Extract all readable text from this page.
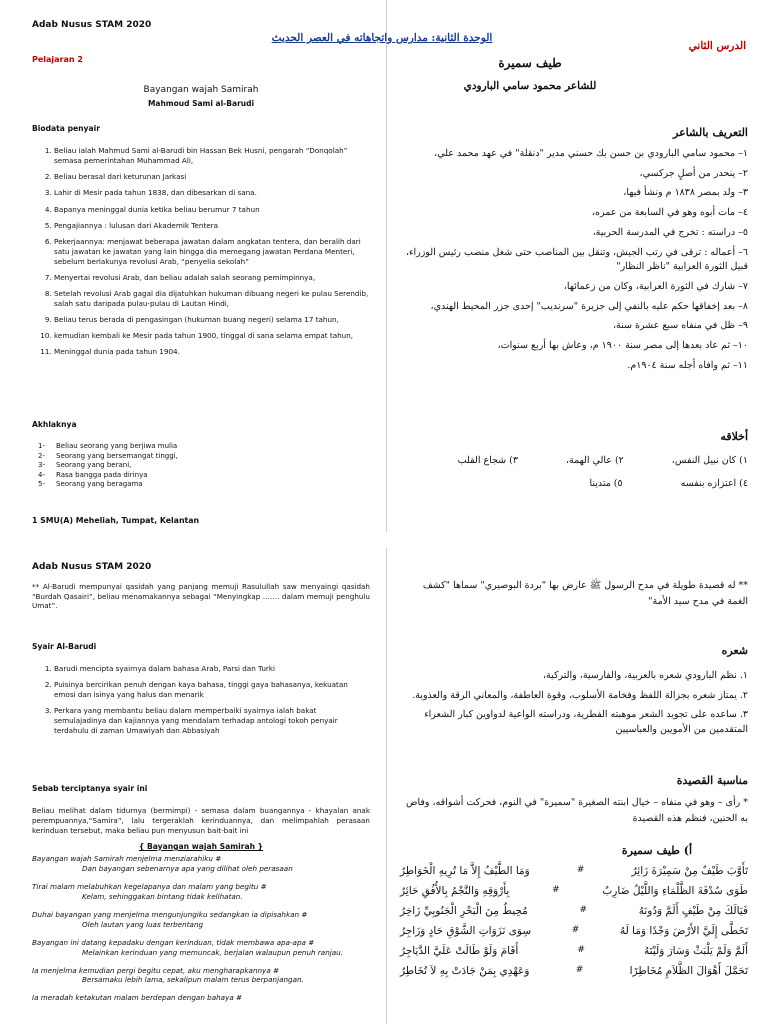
Adab Nusus STAM 2020
الوحدة الثانية: مدارس واتجاهاته في العصر الحديث
الدرس الثاني
Pelajaran 2
Bayangan wajah Samirah
Mahmoud Sami al-Barudi
طيف سميرة
للشاعر محمود سامي البارودي
Biodata penyair
1. Beliau ialah Mahmud Sami al-Barudi bin Hassan Bek Husni, pengarah “Donqolah” semasa pemerintahan Muhammad Ali,
2. Beliau berasal dari keturunan Jarkasi
3. Lahir di Mesir pada tahun 1838, dan dibesarkan di sana.
4. Bapanya meninggal dunia ketika beliau berumur 7 tahun
5. Pengajiannya : lulusan dari Akademik Tentera
6. Pekerjaannya: menjawat beberapa jawatan dalam angkatan tentera, dan beralih dari satu jawatan ke jawatan yang lain hingga dia memegang jawatan Perdana Menteri, sebelum berlakunya revolusi Arab, “penyelia sekolah”
7. Menyertai revolusi Arab, dan beliau adalah salah seorang pemimpinnya,
8. Setelah revolusi Arab gagal dia dijatuhkan hukuman dibuang negeri ke pulau Serendib, salah satu daripada pulau-pulau di Lautan Hindi,
9. Beliau terus berada di pengasingan (hukuman buang negeri) selama 17 tahun,
10. kemudian kembali ke Mesir pada tahun 1900, tinggal di sana selama empat tahun,
11. Meninggal dunia pada tahun 1904.
Akhlaknya
1-Beliau seorang yang berjiwa mulia
2-Seorang yang bersemangat tinggi,
3-Seorang yang berani,
4-Rasa bangga pada dirinya
5-Seorang yang beragama
1 SMU(A) Meheliah, Tumpat, Kelantan
التعريف بالشاعر
١– محمود سامي البارودي بن حسن بك حسني مدير "دنقلة" في عهد محمد علي،
٢– ينحدر من أصلٍ جركسي،
٣– ولد بمصر ١٨٣٨ م ونشأ فيها،
٤– مات أبوه وهو في السابعة من عمره،
٥– دراسته : تخرج في المدرسة الحربية،
٦– أعماله : ترقى في رتب الجيش، وتنقل بين المناصب حتى شغل منصب رئيس الوزراء، قبيل الثورة العرابية "ناظر النظار"
٧– شارك في الثورة العرابية، وكان من زعمائها،
٨– بعد إخفاقها حكم عليه بالنفي إلى جزيرة "سرنديب" إحدى جزر المحيط الهندي،
٩– ظل في منفاه سبع عشرة سنة،
١٠– ثم عاد بعدها إلى مصر سنة ١٩٠٠ م، وعاش بها أربع سنوات،
١١– ثم وافاه أجله سنة ١٩٠٤م.
أخلاقه
١) كان نبيل النفس،
٢) عالي الهمة،
٣) شجاع القلب
٤) اعتزازه بنفسه
٥) متدينا
Adab Nusus STAM 2020
** Al-Barudi mempunyai qasidah yang panjang memuji Rasulullah saw menyaingi qasidah “Burdah Qasairi”, beliau menamakannya sebagai “Menyingkap ……. dalam memuji penghulu Umat”.
Syair Al-Barudi
1. Barudi mencipta syairnya dalam bahasa Arab, Parsi dan Turki
2. Puisinya bercirikan penuh dengan kaya bahasa, tinggi gaya bahasanya, kekuatan emosi dan isinya yang halus dan menarik
3. Perkara yang membantu beliau dalam memperbaiki syairnya ialah bakat semulajadinya dan kajiannya yang mendalam terhadap antologi tokoh penyair terdahulu di zaman Umawiyah dan Abbasiyah
Sebab terciptanya syair ini
Beliau melihat dalam tidurnya (bermimpi) - semasa dalam buangannya - khayalan anak perempuannya,“Samira”, lalu tergeraklah kerinduannya, dan melimpahlah perasaan kerinduan tersebut, maka beliau pun menyusun bait-bait ini
{ Bayangan wajah Samirah }
Bayangan wajah Samirah menjelma menziarahiku #
Dan bayangan sebenarnya apa yang dilihat oleh perasaan
Tirai malam melabuhkan kegelapanya dan malam yang begitu #
Kelam, sehinggakan bintang tidak kelihatan.
Duhai bayangan yang menjelma mengunjungiku sedangkan ia dipisahkan #
Oleh lautan yang luas terbentang
Bayangan ini datang kepadaku dengan kerinduan, tidak membawa apa-apa #
Melainkan kerinduan yang memuncak, berjalan walaupun penuh ranjau.
Ia menjelma kemudian pergi begitu cepat, aku mengharapkannya #
Bersamaku lebih lama, sekalipun malam terus berpanjangan.
Ia meradah ketakutan malam berdepan dengan bahaya #
** له قصيدة طويلة في مدح الرسول ﷺ عارض بها "بردة البوصيري" سماها "كشف الغمة في مدح سيد الأمة"
شعره
١. نظم البارودي شعره بالعربية، والفارسية، والتركية،
٢. يمتاز شعره بجزالة اللفظ وفخامة الأسلوب، وقوة العاطفة، والمعاني الرقة والعذوبة.
٣. ساعده على تجويد الشعر موهبته الفطرية، ودراسته الواعية لدواوين كبار الشعراء المتقدمين من الأمويين والعباسيين
مناسبة القصيدة
* رأى – وهو في منفاه – خيال ابنته الصغيرة "سميرة" في النوم، فحركت أشواقه، وفاض به الحنين، فنظم هذه القصيدة
أ) طيف سميرة
تَأَوَّبَ طَيْفٌ مِنْ سَمِيْرَةَ زَائِرُ
#
وَمَا الطَّيْفُ إِلاَّ مَا تُرِيهِ الْخَوَاطِرُ
طَوَى سُدْفَةَ الظَّلْمَاءِ وَاللَّيْلُ ضَارِبٌ
#
بِأَرْوَقِهِ وَالنَّجْمُ بِالأُفُقِ حَائِرُ
فَيَالَكَ مِنْ طَيْفٍ أَلَمَّ وَدُونَهُ
#
مُحِيطٌ مِنَ الْبَحْرِ الْجَنُوبِيِّ زَاخِرُ
تَخَطَّى إِلَيَّ الأَرْضَ وَجْدًا وَمَا لَهُ
#
سِوَى نَزَوَاتِ الشَّوْقِ حَادٍ وَزَاجِرُ
أَلَمَّ وَلَمْ يَلْبَثْ وَسَارَ وَلَيْتَهُ
#
أَقَامَ وَلَوْ طَالَتْ عَلَيَّ الدَّيَاجِرُ
تَحَمَّلَ أَهْوَالَ الظَّلاَمِ مُخَاطِرًا
#
وَعَهْدِي بِمَنْ جَادَتْ بِهِ لاَ تُخَاطِرُ
